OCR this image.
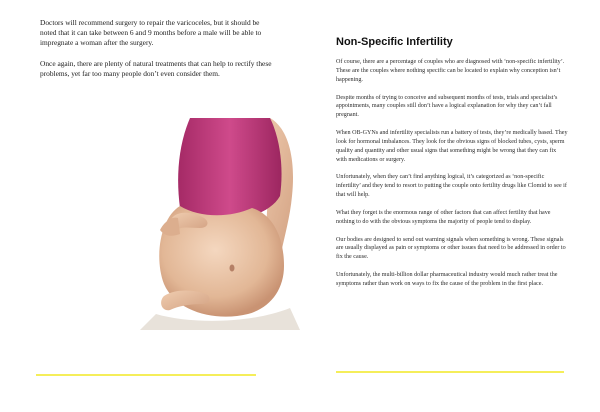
Doctors will recommend surgery to repair the varicoceles, but it should be noted that it can take between 6 and 9 months before a male will be able to impregnate a woman after the surgery.

Once again, there are plenty of natural treatments that can help to rectify these problems, yet far too many people don’t even consider them.

Non-Specific Infertility

Of course, there are a percentage of couples who are diagnosed with ‘non-specific infertility’. These are the couples where nothing specific can be located to explain why conception isn’t happening.

Despite months of trying to conceive and subsequent months of tests, trials and specialist’s appointments, many couples still don’t have a logical explanation for why they can’t fall pregnant.

When OB-GYNs and infertility specialists run a battery of tests, they’re medically based. They look for hormonal imbalances. They look for the obvious signs of blocked tubes, cysts, sperm quality and quantity and other usual signs that something might be wrong that they can fix with medications or surgery.

Unfortunately, when they can’t find anything logical, it’s categorized as ‘non-specific infertility’ and they tend to resort to putting the couple onto fertility drugs like Clomid to see if that will help.

What they forget is the enormous range of other factors that can affect fertility that have nothing to do with the obvious symptoms the majority of people tend to display.

Our bodies are designed to send out warning signals when something is wrong. These signals are usually displayed as pain or symptoms or other issues that need to be addressed in order to fix the cause.

Unfortunately, the multi-billion dollar pharmaceutical industry would much rather treat the symptoms rather than work on ways to fix the cause of the problem in the first place.
